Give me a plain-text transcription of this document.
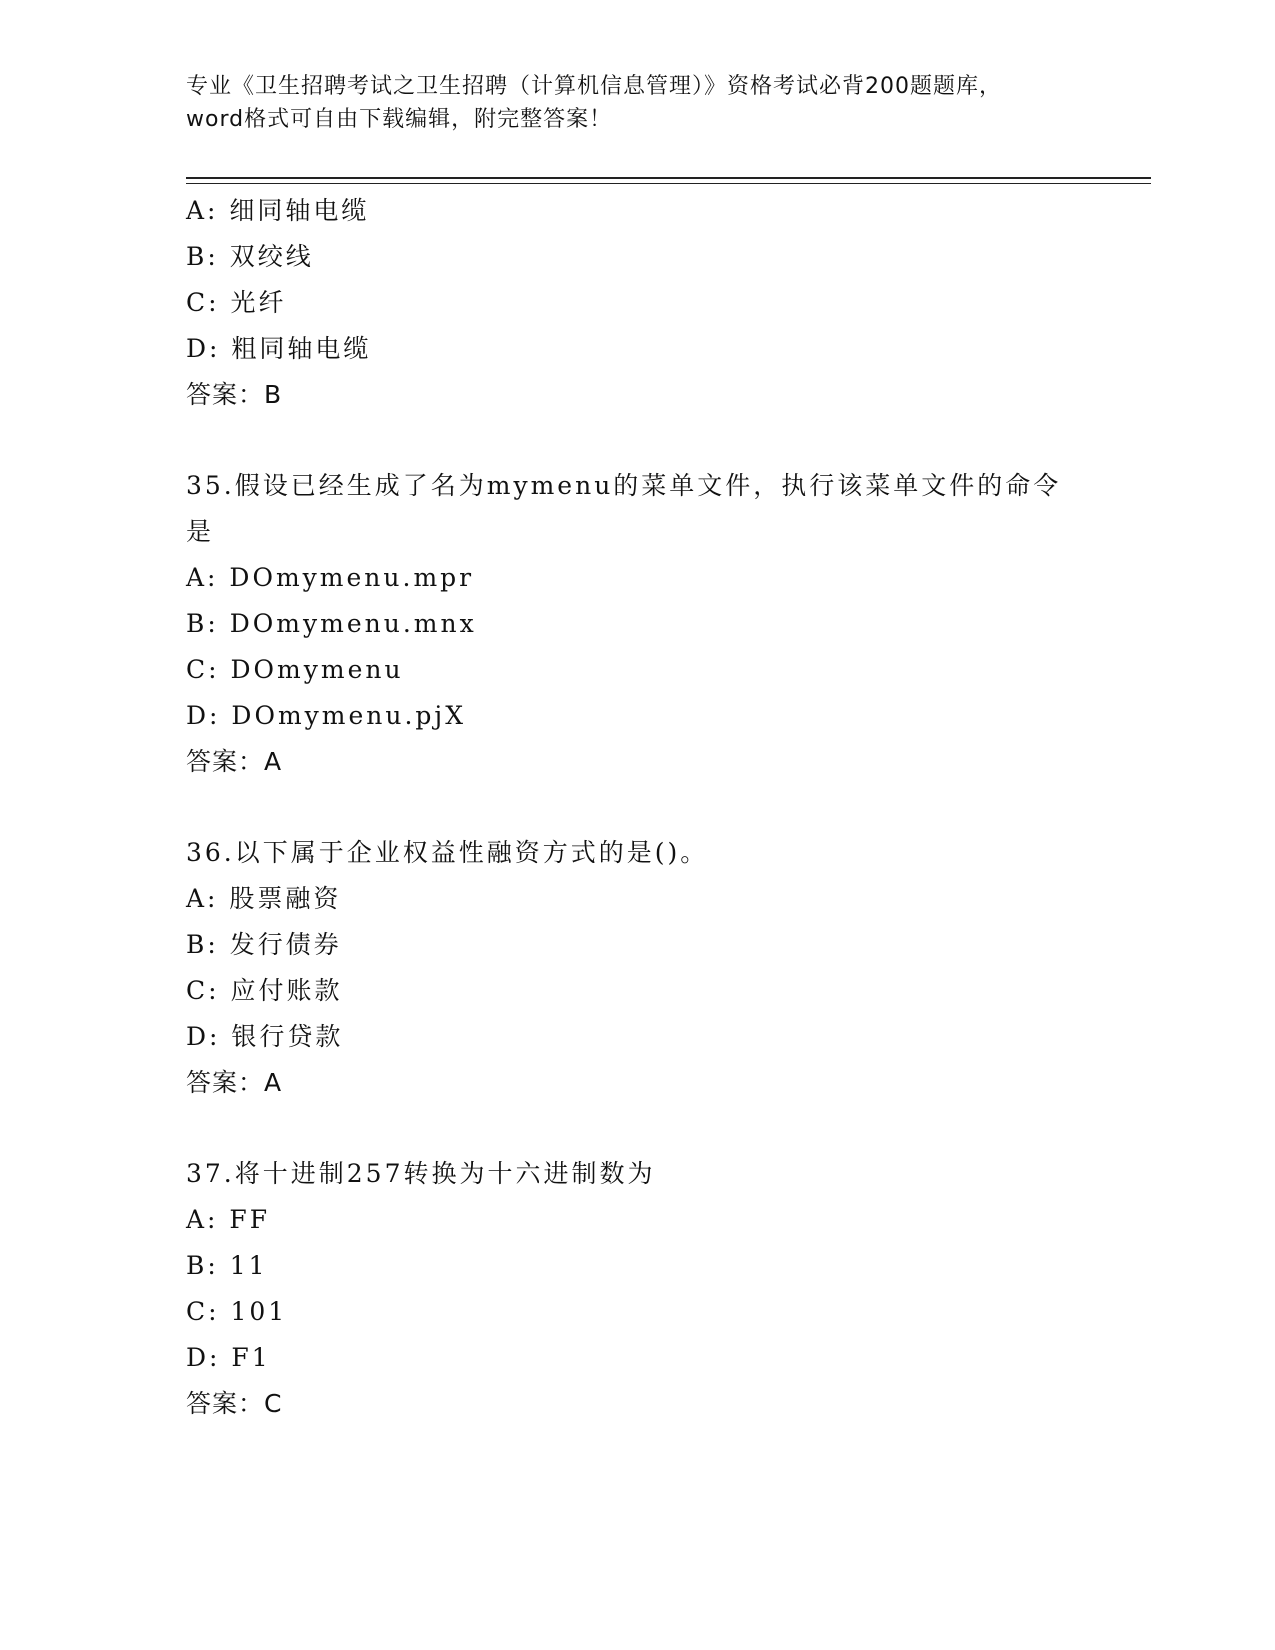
专业《卫生招聘考试之卫生招聘（计算机信息管理）》资格考试必背200题题库，
word格式可自由下载编辑，附完整答案！
A: 细同轴电缆
B: 双绞线
C: 光纤
D: 粗同轴电缆
答案：B
35.假设已经生成了名为mymenu的菜单文件，执行该菜单文件的命令
是
A: DOmymenu.mpr
B: DOmymenu.mnx
C: DOmymenu
D: DOmymenu.pjX
答案：A
36.以下属于企业权益性融资方式的是()。
A: 股票融资
B: 发行债券
C: 应付账款
D: 银行贷款
答案：A
37.将十进制257转换为十六进制数为
A: FF
B: 11
C: 101
D: F1
答案：C
